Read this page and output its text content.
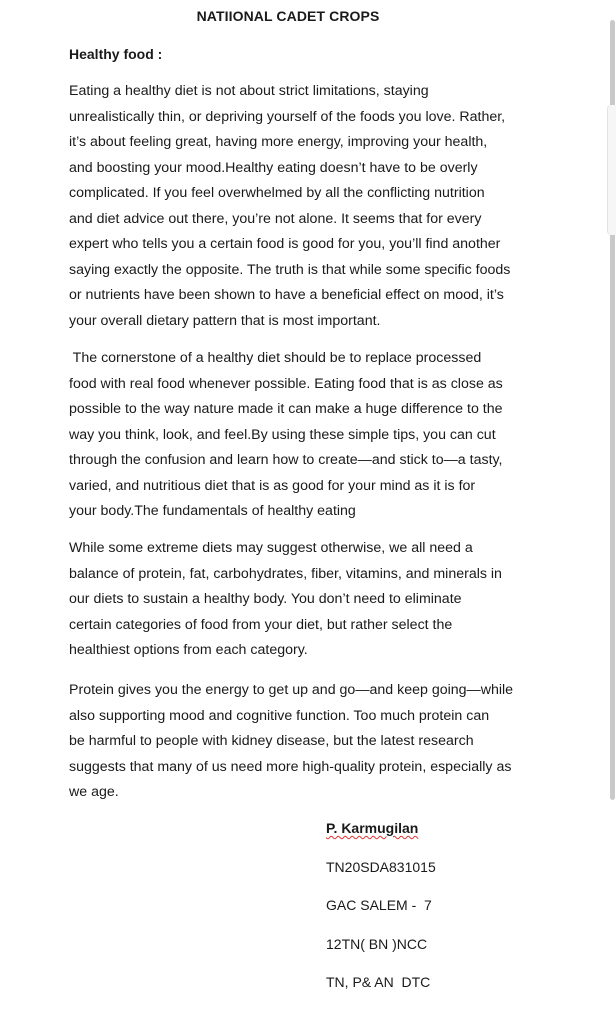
NATIIONAL CADET CROPS
Healthy food :
Eating a healthy diet is not about strict limitations, staying
unrealistically thin, or depriving yourself of the foods you love. Rather,
it’s about feeling great, having more energy, improving your health,
and boosting your mood.Healthy eating doesn’t have to be overly
complicated. If you feel overwhelmed by all the conflicting nutrition
and diet advice out there, you’re not alone. It seems that for every
expert who tells you a certain food is good for you, you’ll find another
saying exactly the opposite. The truth is that while some specific foods
or nutrients have been shown to have a beneficial effect on mood, it’s
your overall dietary pattern that is most important.
The cornerstone of a healthy diet should be to replace processed
food with real food whenever possible. Eating food that is as close as
possible to the way nature made it can make a huge difference to the
way you think, look, and feel.By using these simple tips, you can cut
through the confusion and learn how to create—and stick to—a tasty,
varied, and nutritious diet that is as good for your mind as it is for
your body.The fundamentals of healthy eating
While some extreme diets may suggest otherwise, we all need a
balance of protein, fat, carbohydrates, fiber, vitamins, and minerals in
our diets to sustain a healthy body. You don’t need to eliminate
certain categories of food from your diet, but rather select the
healthiest options from each category.
Protein gives you the energy to get up and go—and keep going—while
also supporting mood and cognitive function. Too much protein can
be harmful to people with kidney disease, but the latest research
suggests that many of us need more high-quality protein, especially as
we age.
P. Karmugilan
TN20SDA831015
GAC SALEM -  7
12TN( BN )NCC
TN, P& AN  DTC
